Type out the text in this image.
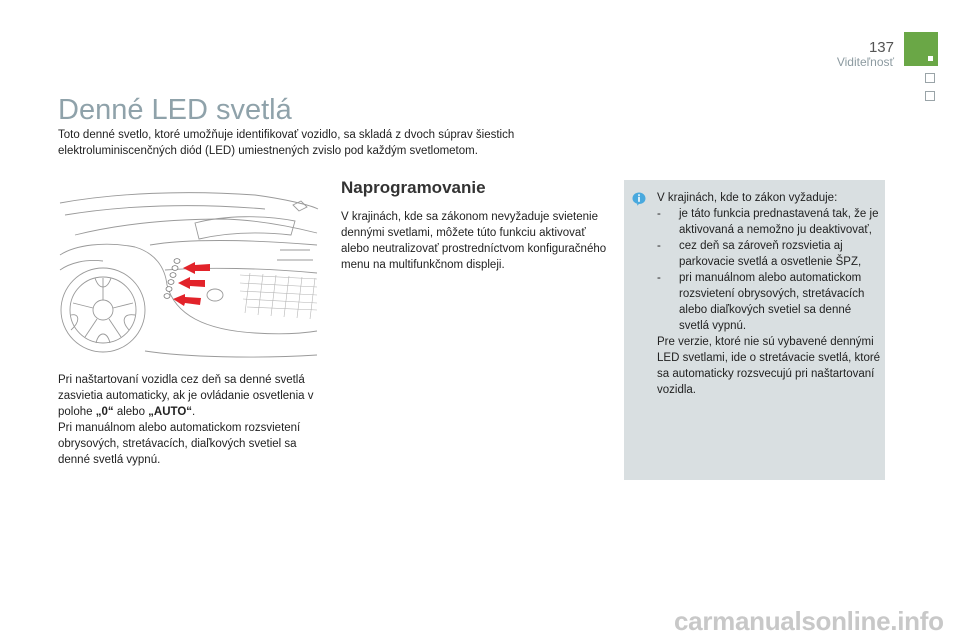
137
Viditeľnosť
Denné LED svetlá
Toto denné svetlo, ktoré umožňuje identifikovať vozidlo, sa skladá z dvoch súprav šiestich elektroluminiscenčných diód (LED) umiestnených zvislo pod každým svetlometom.
Pri naštartovaní vozidla cez deň sa denné svetlá zasvietia automaticky, ak je ovládanie osvetlenia v polohe „0“ alebo „AUTO“.
Pri manuálnom alebo automatickom rozsvietení obrysových, stretávacích, diaľkových svetiel sa denné svetlá vypnú.
Naprogramovanie
V krajinách, kde sa zákonom nevyžaduje svietenie dennými svetlami, môžete túto funkciu aktivovať alebo neutralizovať prostredníctvom konfiguračného menu na multifunkčnom displeji.
V krajinách, kde to zákon vyžaduje:
- je táto funkcia prednastavená tak, že je aktivovaná a nemožno ju deaktivovať,
- cez deň sa zároveň rozsvietia aj parkovacie svetlá a osvetlenie ŠPZ,
- pri manuálnom alebo automatickom rozsvietení obrysových, stretávacích alebo diaľkových svetiel sa denné svetlá vypnú.
Pre verzie, ktoré nie sú vybavené dennými LED svetlami, ide o stretávacie svetlá, ktoré sa automaticky rozsvecujú pri naštartovaní vozidla.
carmanualsonline.info
